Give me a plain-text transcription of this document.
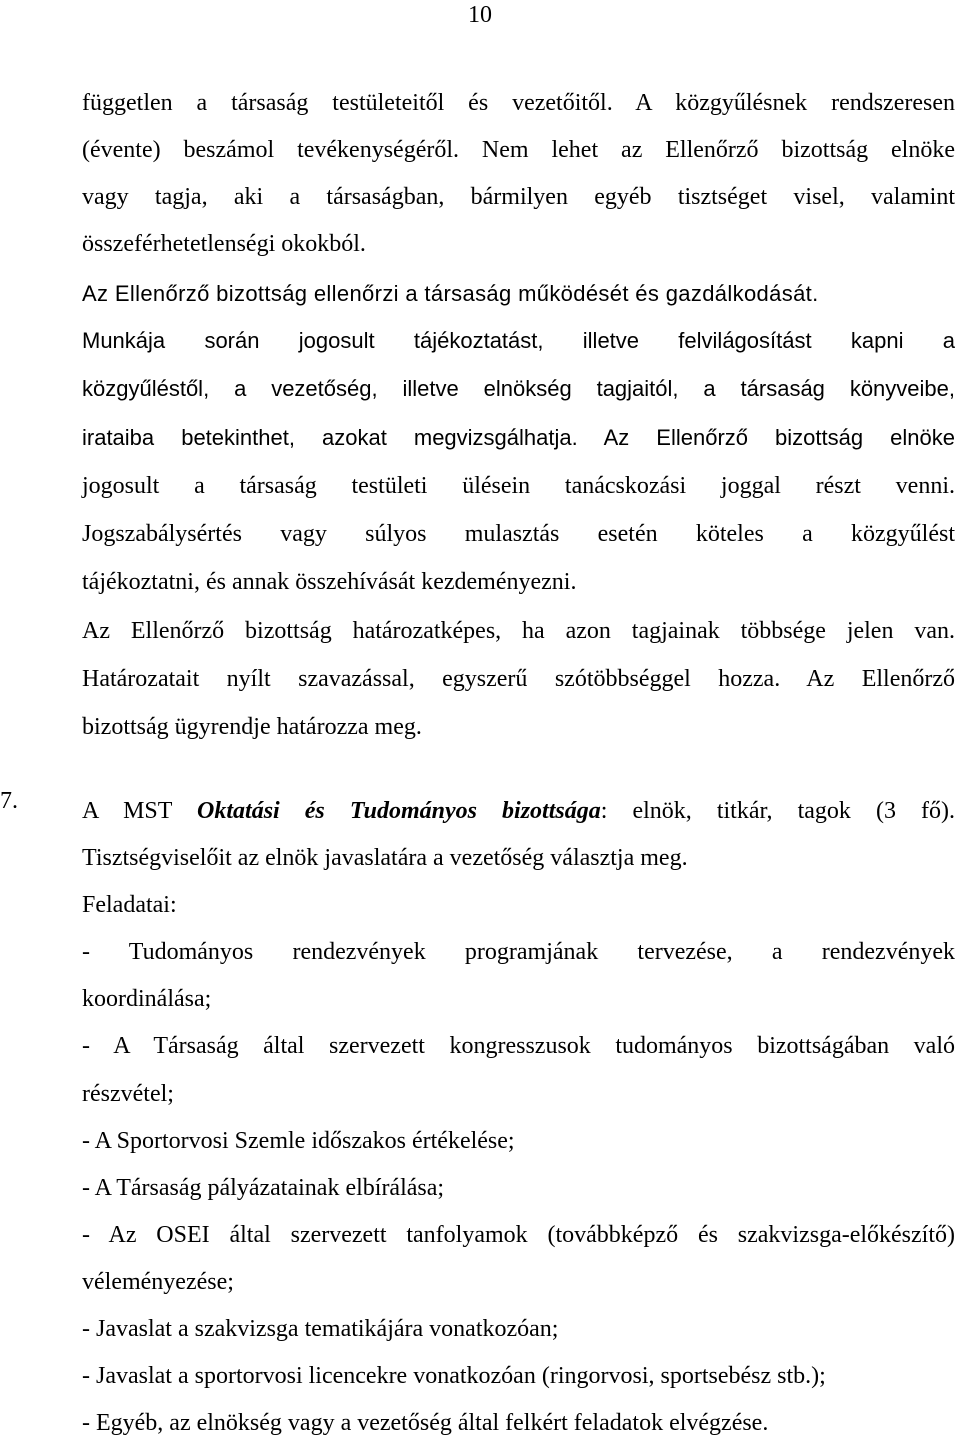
10
független a társaság testületeitől és vezetőitől. A közgyűlésnek rendszeresen
(évente) beszámol tevékenységéről. Nem lehet az Ellenőrző bizottság elnöke
vagy tagja, aki a társaságban, bármilyen egyéb tisztséget visel, valamint
összeférhetetlenségi okokból.
Az Ellenőrző bizottság ellenőrzi a társaság működését és gazdálkodását.
Munkája során jogosult tájékoztatást, illetve felvilágosítást kapni a
közgyűléstől, a vezetőség, illetve elnökség tagjaitól, a társaság könyveibe,
irataiba betekinthet, azokat megvizsgálhatja. Az Ellenőrző bizottság elnöke
jogosult a társaság testületi ülésein tanácskozási joggal részt venni.
Jogszabálysértés vagy súlyos mulasztás esetén köteles a közgyűlést
tájékoztatni, és annak összehívását kezdeményezni.
Az Ellenőrző bizottság határozatképes, ha azon tagjainak többsége jelen van.
Határozatait nyílt szavazással, egyszerű szótöbbséggel hozza. Az Ellenőrző
bizottság ügyrendje határozza meg.
7.	A MST Oktatási és Tudományos bizottsága: elnök, titkár, tagok (3 fő).
Tisztségviselőit az elnök javaslatára a vezetőség választja meg.
Feladatai:
- Tudományos rendezvények programjának tervezése, a rendezvények
koordinálása;
- A Társaság által szervezett kongresszusok tudományos bizottságában való
részvétel;
- A Sportorvosi Szemle időszakos értékelése;
- A Társaság pályázatainak elbírálása;
- Az OSEI által szervezett tanfolyamok (továbbképző és szakvizsga-előkészítő)
véleményezése;
- Javaslat a szakvizsga tematikájára vonatkozóan;
- Javaslat a sportorvosi licencekre vonatkozóan (ringorvosi, sportsebész stb.);
- Egyéb, az elnökség vagy a vezetőség által felkért feladatok elvégzése.
